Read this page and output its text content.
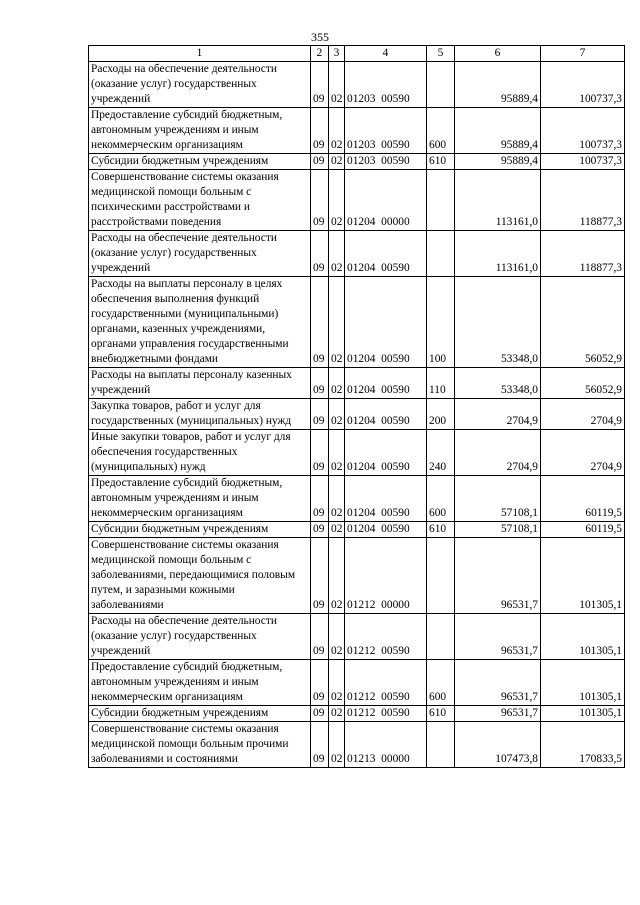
355
1	2	3	4	5	6	7
Расходы на обеспечение деятельности (оказание услуг) государственных учреждений	09	02	01203  00590		95889,4	100737,3
Предоставление субсидий бюджетным, автономным учреждениям и иным некоммерческим организациям	09	02	01203  00590	600	95889,4	100737,3
Субсидии бюджетным учреждениям	09	02	01203  00590	610	95889,4	100737,3
Совершенствование системы оказания медицинской помощи больным с психическими расстройствами и расстройствами поведения	09	02	01204  00000		113161,0	118877,3
Расходы на обеспечение деятельности (оказание услуг) государственных учреждений	09	02	01204  00590		113161,0	118877,3
Расходы на выплаты персоналу в целях обеспечения выполнения функций государственными (муниципальными) органами, казенных учреждениями, органами управления государственными внебюджетными фондами	09	02	01204  00590	100	53348,0	56052,9
Расходы на выплаты персоналу казенных учреждений	09	02	01204  00590	110	53348,0	56052,9
Закупка товаров, работ и услуг для государственных (муниципальных) нужд	09	02	01204  00590	200	2704,9	2704,9
Иные закупки товаров, работ и услуг для обеспечения государственных (муниципальных) нужд	09	02	01204  00590	240	2704,9	2704,9
Предоставление субсидий бюджетным, автономным учреждениям и иным некоммерческим организациям	09	02	01204  00590	600	57108,1	60119,5
Субсидии бюджетным учреждениям	09	02	01204  00590	610	57108,1	60119,5
Совершенствование системы оказания медицинской помощи больным с заболеваниями, передающимися половым путем, и заразными кожными заболеваниями	09	02	01212  00000		96531,7	101305,1
Расходы на обеспечение деятельности (оказание услуг) государственных учреждений	09	02	01212  00590		96531,7	101305,1
Предоставление субсидий бюджетным, автономным учреждениям и иным некоммерческим организациям	09	02	01212  00590	600	96531,7	101305,1
Субсидии бюджетным учреждениям	09	02	01212  00590	610	96531,7	101305,1
Совершенствование системы оказания медицинской помощи больным прочими заболеваниями и состояниями	09	02	01213  00000		107473,8	170833,5
